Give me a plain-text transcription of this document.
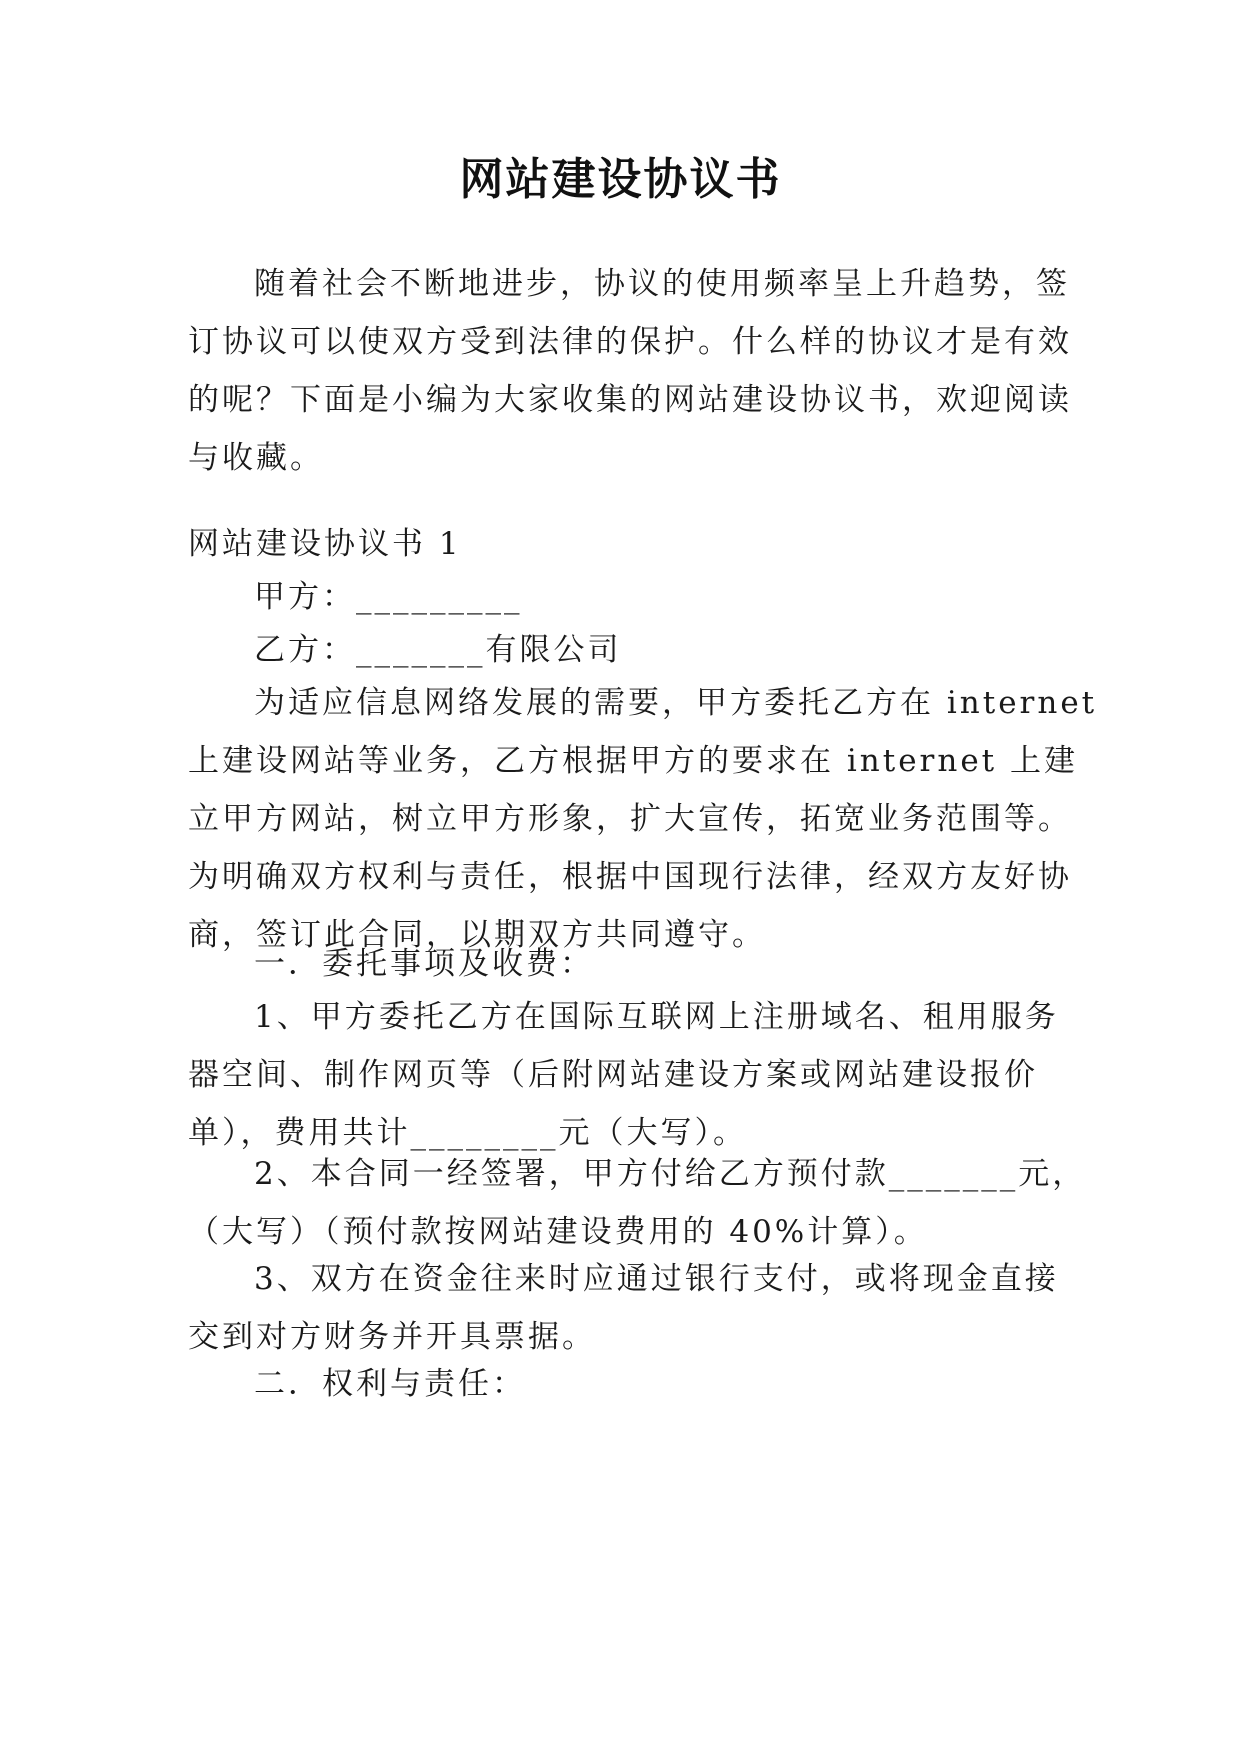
网站建设协议书
随着社会不断地进步，协议的使用频率呈上升趋势，签
订协议可以使双方受到法律的保护。什么样的协议才是有效
的呢？下面是小编为大家收集的网站建设协议书，欢迎阅读
与收藏。
网站建设协议书 1
甲方：_________
乙方：_______有限公司
为适应信息网络发展的需要，甲方委托乙方在 internet
上建设网站等业务，乙方根据甲方的要求在 internet 上建
立甲方网站，树立甲方形象，扩大宣传，拓宽业务范围等。
为明确双方权利与责任，根据中国现行法律，经双方友好协
商，签订此合同，以期双方共同遵守。
一．委托事项及收费：
1、甲方委托乙方在国际互联网上注册域名、租用服务
器空间、制作网页等（后附网站建设方案或网站建设报价
单），费用共计________元（大写）。
2、本合同一经签署，甲方付给乙方预付款_______元，
（大写）（预付款按网站建设费用的 40%计算）。
3、双方在资金往来时应通过银行支付，或将现金直接
交到对方财务并开具票据。
二．权利与责任：
